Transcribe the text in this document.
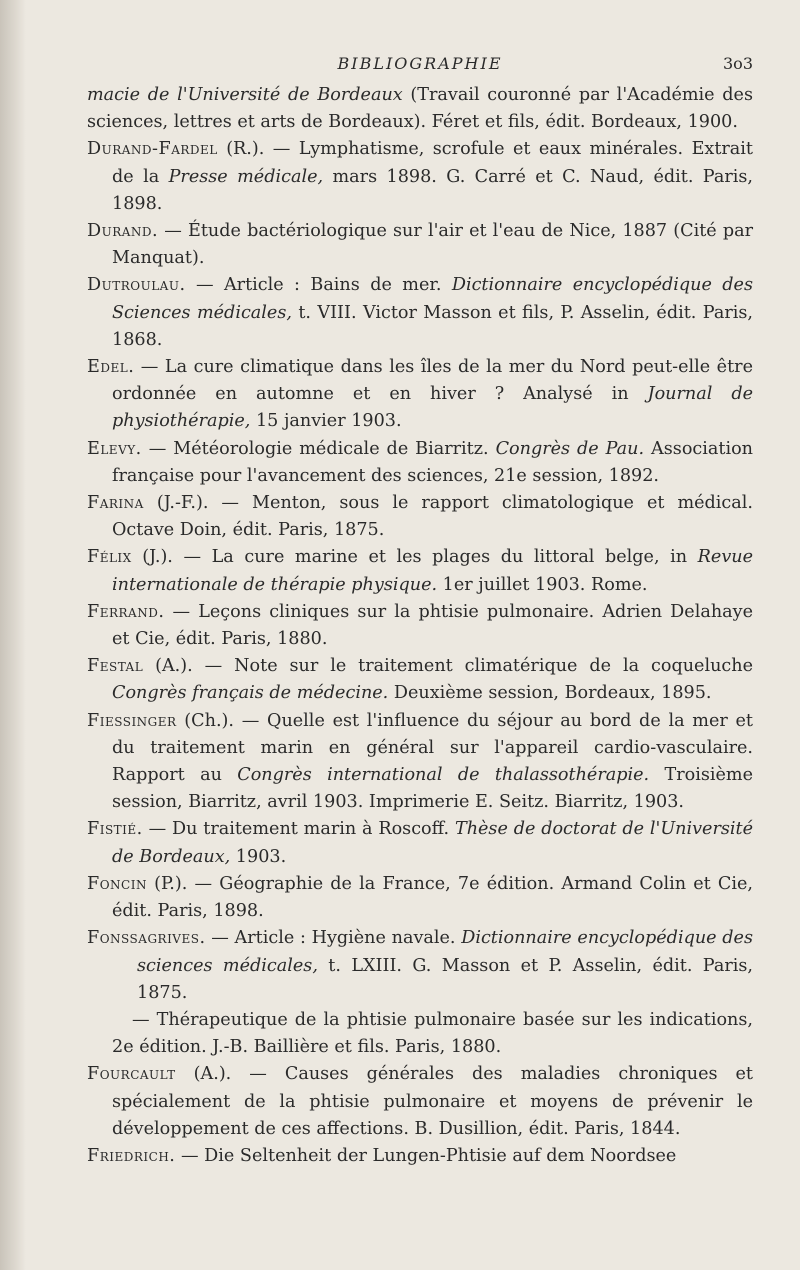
BIBLIOGRAPHIE	3o3
macie de l'Université de Bordeaux (Travail couronné par l'Académie des sciences, lettres et arts de Bordeaux). Féret et fils, édit. Bordeaux, 1900.
Durand-Fardel (R.). — Lymphatisme, scrofule et eaux minérales. Extrait de la Presse médicale, mars 1898. G. Carré et C. Naud, édit. Paris, 1898.
Durand. — Étude bactériologique sur l'air et l'eau de Nice, 1887 (Cité par Manquat).
Dutroulau. — Article : Bains de mer. Dictionnaire encyclopédique des Sciences médicales, t. VIII. Victor Masson et fils, P. Asselin, édit. Paris, 1868.
Edel. — La cure climatique dans les îles de la mer du Nord peut-elle être ordonnée en automne et en hiver ? Analysé in Journal de physiothérapie, 15 janvier 1903.
Elevy. — Météorologie médicale de Biarritz. Congrès de Pau. Association française pour l'avancement des sciences, 21e session, 1892.
Farina (J.-F.). — Menton, sous le rapport climatologique et médical. Octave Doin, édit. Paris, 1875.
Félix (J.). — La cure marine et les plages du littoral belge, in Revue internationale de thérapie physique. 1er juillet 1903. Rome.
Ferrand. — Leçons cliniques sur la phtisie pulmonaire. Adrien Delahaye et Cie, édit. Paris, 1880.
Festal (A.). — Note sur le traitement climatérique de la coqueluche Congrès français de médecine. Deuxième session, Bordeaux, 1895.
Fiessinger (Ch.). — Quelle est l'influence du séjour au bord de la mer et du traitement marin en général sur l'appareil cardio-vasculaire. Rapport au Congrès international de thalassothérapie. Troisième session, Biarritz, avril 1903. Imprimerie E. Seitz. Biarritz, 1903.
Fistié. — Du traitement marin à Roscoff. Thèse de doctorat de l'Université de Bordeaux, 1903.
Foncin (P.). — Géographie de la France, 7e édition. Armand Colin et Cie, édit. Paris, 1898.
Fonssagrives. — Article : Hygiène navale. Dictionnaire encyclopédique des sciences médicales, t. LXIII. G. Masson et P. Asselin, édit. Paris, 1875.
— Thérapeutique de la phtisie pulmonaire basée sur les indications, 2e édition. J.-B. Baillière et fils. Paris, 1880.
Fourcault (A.). — Causes générales des maladies chroniques et spécialement de la phtisie pulmonaire et moyens de prévenir le développement de ces affections. B. Dusillion, édit. Paris, 1844.
Friedrich. — Die Seltenheit der Lungen-Phtisie auf dem Noordsee
